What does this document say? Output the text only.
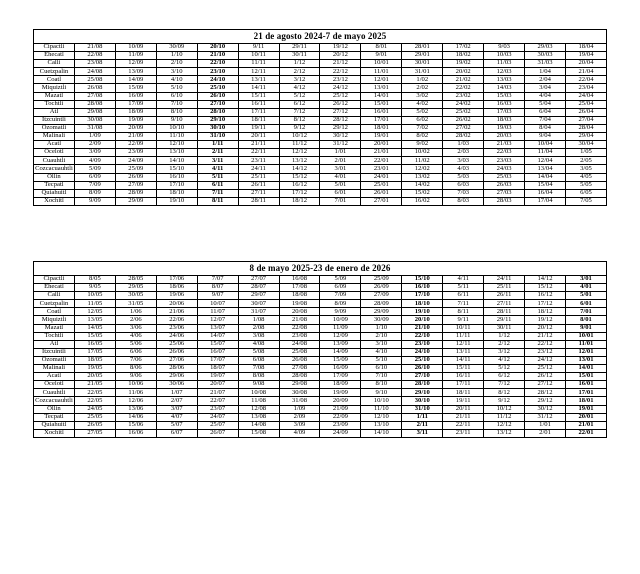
21 de agosto 2024-7 de mayo 2025													
Cipactli	21/08	10/09	30/09	20/10	9/11	29/11	19/12	8/01	28/01	17/02	9/03	29/03	18/04
Ehecatl	22/08	11/09	1/10	21/10	10/11	30/11	20/12	9/01	29/01	18/02	10/03	30/03	19/04
Calli	23/08	12/09	2/10	22/10	11/11	1/12	21/12	10/01	30/01	19/02	11/03	31/03	20/04
Cuetzpalin	24/08	13/09	3/10	23/10	12/11	2/12	22/12	11/01	31/01	20/02	12/03	1/04	21/04
Coatl	25/08	14/09	4/10	24/10	13/11	3/12	23/12	12/01	1/02	21/02	13/03	2/04	22/04
Miquiztli	26/08	15/09	5/10	25/10	14/11	4/12	24/12	13/01	2/02	22/02	14/03	3/04	23/04
Mazatl	27/08	16/09	6/10	26/10	15/11	5/12	25/12	14/01	3/02	23/02	15/03	4/04	24/04
Tochtli	28/08	17/09	7/10	27/10	16/11	6/12	26/12	15/01	4/02	24/02	16/03	5/04	25/04
Atl	29/08	18/09	8/10	28/10	17/11	7/12	27/12	16/01	5/02	25/02	17/03	6/04	26/04
Itzcuintli	30/08	19/09	9/10	29/10	18/11	8/12	28/12	17/01	6/02	26/02	18/03	7/04	27/04
Ozomatli	31/08	20/09	10/10	30/10	19/11	9/12	29/12	18/01	7/02	27/02	19/03	8/04	28/04
Malinali	1/09	21/09	11/10	31/10	20/11	10/12	30/12	19/01	8/02	28/02	20/03	9/04	29/04
Acatl	2/09	22/09	12/10	1/11	21/11	11/12	31/12	20/01	9/02	1/03	21/03	10/04	30/04
Ocelotl	3/09	23/09	13/10	2/11	22/11	12/12	1/01	21/01	10/02	2/03	22/03	11/04	1/05
Cuauhtli	4/09	24/09	14/10	3/11	23/11	13/12	2/01	22/01	11/02	3/03	23/03	12/04	2/05
Cozcacuauhtli	5/09	25/09	15/10	4/11	24/11	14/12	3/01	23/01	12/02	4/03	24/03	13/04	3/05
Ollin	6/09	26/09	16/10	5/11	25/11	15/12	4/01	24/01	13/02	5/03	25/03	14/04	4/05
Tecpatl	7/09	27/09	17/10	6/11	26/11	16/12	5/01	25/01	14/02	6/03	26/03	15/04	5/05
Quiahuitl	8/09	28/09	18/10	7/11	27/11	17/12	6/01	26/01	15/02	7/03	27/03	16/04	6/05
Xochitl	9/09	29/09	19/10	8/11	28/11	18/12	7/01	27/01	16/02	8/03	28/03	17/04	7/05
8 de mayo 2025-23 de enero de 2026													
Cipactli	8/05	28/05	17/06	7/07	27/07	16/08	5/09	25/09	15/10	4/11	24/11	14/12	3/01
Ehecatl	9/05	29/05	18/06	8/07	28/07	17/08	6/09	26/09	16/10	5/11	25/11	15/12	4/01
Calli	10/05	30/05	19/06	9/07	29/07	18/08	7/09	27/09	17/10	6/11	26/11	16/12	5/01
Cuetzpalin	11/05	31/05	20/06	10/07	30/07	19/08	8/09	28/09	18/10	7/11	27/11	17/12	6/01
Coatl	12/05	1/06	21/06	11/07	31/07	20/08	9/09	29/09	19/10	8/11	28/11	18/12	7/01
Miquiztli	13/05	2/06	22/06	12/07	1/08	21/08	10/09	30/09	20/10	9/11	29/11	19/12	8/01
Mazatl	14/05	3/06	23/06	13/07	2/08	22/08	11/09	1/10	21/10	10/11	30/11	20/12	9/01
Tochtli	15/05	4/06	24/06	14/07	3/08	23/08	12/09	2/10	22/10	11/11	1/12	21/12	10/01
Atl	16/05	5/06	25/06	15/07	4/08	24/08	13/09	3/10	23/10	12/11	2/12	22/12	11/01
Itzcuintli	17/05	6/06	26/06	16/07	5/08	25/08	14/09	4/10	24/10	13/11	3/12	23/12	12/01
Ozomatli	18/05	7/06	27/06	17/07	6/08	26/08	15/09	5/10	25/10	14/11	4/12	24/12	13/01
Malinali	19/05	8/06	28/06	18/07	7/08	27/08	16/09	6/10	26/10	15/11	5/12	25/12	14/01
Acatl	20/05	9/06	29/06	19/07	8/08	28/08	17/09	7/10	27/10	16/11	6/12	26/12	15/01
Ocelotl	21/05	10/06	30/06	20/07	9/08	29/08	18/09	8/10	28/10	17/11	7/12	27/12	16/01
Cuauhtli	22/05	11/06	1/07	21/07	10/08	30/08	19/09	9/10	29/10	18/11	8/12	28/12	17/01
Cozcacuauhtli	22/05	12/06	2/07	22/07	11/08	31/08	20/09	10/10	30/10	19/11	9/12	29/12	18/01
Ollin	24/05	13/06	3/07	23/07	12/08	1/09	21/09	11/10	31/10	20/11	10/12	30/12	19/01
Tecpatl	25/05	14/06	4/07	24/07	13/08	2/09	22/09	12/10	1/11	21/11	11/12	31/12	20/01
Quiahuitl	26/05	15/06	5/07	25/07	14/08	3/09	23/09	13/10	2/11	22/11	12/12	1/01	21/01
Xochitl	27/05	16/06	6/07	26/07	15/08	4/09	24/09	14/10	3/11	23/11	13/12	2/01	22/01
